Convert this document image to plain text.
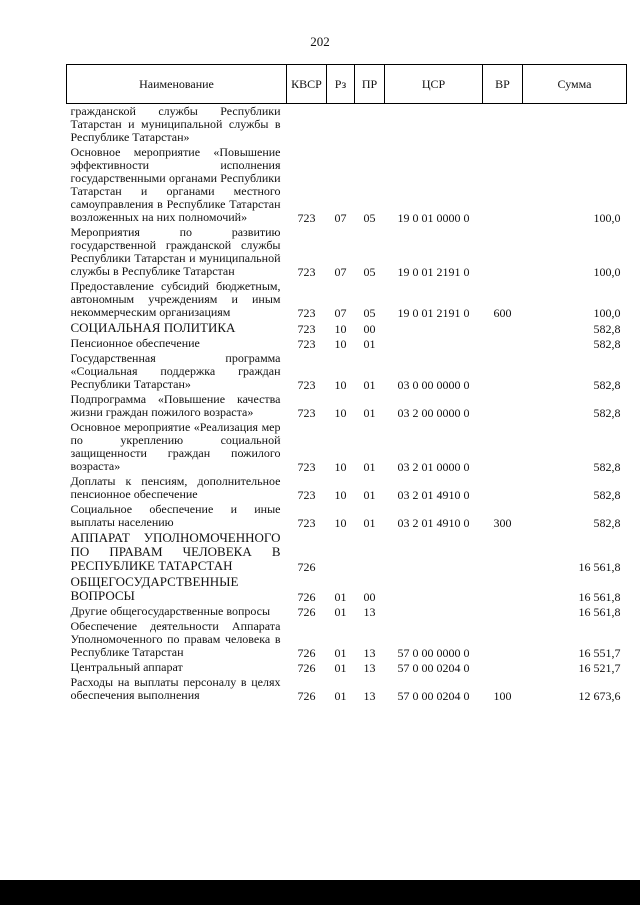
202
Наименование	КВСР	Рз	ПР	ЦСР	ВР	Сумма
гражданской службы Республики Татарстан и муниципальной службы в Республике Татарстан»						
Основное мероприятие «Повышение эффективности исполнения государственными органами Республики Татарстан и органами местного самоуправления в Республике Татарстан возложенных на них полномочий»	723	07	05	19 0 01 0000 0		100,0
Мероприятия по развитию государственной гражданской службы Республики Татарстан и муниципальной службы в Республике Татарстан	723	07	05	19 0 01 2191 0		100,0
Предоставление субсидий бюджетным, автономным учреждениям и иным некоммерческим организациям	723	07	05	19 0 01 2191 0	600	100,0
СОЦИАЛЬНАЯ ПОЛИТИКА	723	10	00			582,8
Пенсионное обеспечение	723	10	01			582,8
Государственная программа «Социальная поддержка граждан Республики Татарстан»	723	10	01	03 0 00 0000 0		582,8
Подпрограмма «Повышение качества жизни граждан пожилого возраста»	723	10	01	03 2 00 0000 0		582,8
Основное мероприятие «Реализация мер по укреплению социальной защищенности граждан пожилого возраста»	723	10	01	03 2 01 0000 0		582,8
Доплаты к пенсиям, дополнительное пенсионное обеспечение	723	10	01	03 2 01 4910 0		582,8
Социальное обеспечение и иные выплаты населению	723	10	01	03 2 01 4910 0	300	582,8
АППАРАТ УПОЛНОМОЧЕННОГО ПО ПРАВАМ ЧЕЛОВЕКА В РЕСПУБЛИКЕ ТАТАРСТАН	726					16 561,8
ОБЩЕГОСУДАРСТВЕННЫЕ ВОПРОСЫ	726	01	00			16 561,8
Другие общегосударственные вопросы	726	01	13			16 561,8
Обеспечение деятельности Аппарата Уполномоченного по правам человека в Республике Татарстан	726	01	13	57 0 00 0000 0		16 551,7
Центральный аппарат	726	01	13	57 0 00 0204 0		16 521,7
Расходы на выплаты персоналу в целях обеспечения выполнения	726	01	13	57 0 00 0204 0	100	12 673,6
